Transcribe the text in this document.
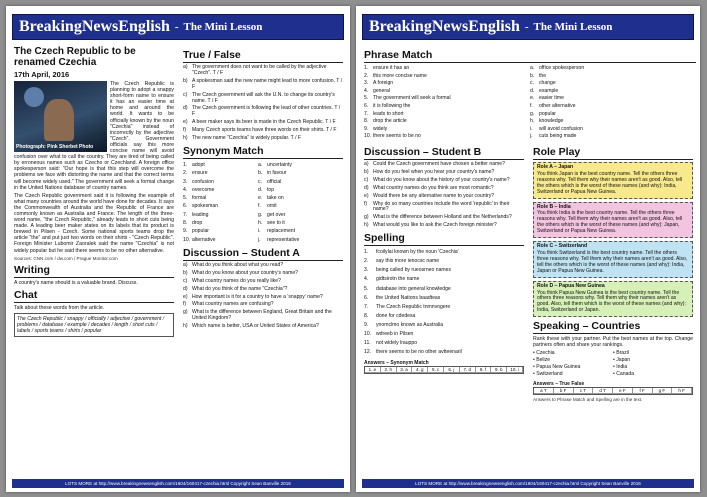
BreakingNewsEnglish - The Mini Lesson
The Czech Republic to be renamed Czechia
17th April, 2016
Photograph: Pink Sherbet Photo

The Czech Republic is planning to adopt a snappy short-form name to ensure it has an easier time at home and around the world. It wants to be officially known by the noun "Czechia" instead of incorrectly by the adjective "Czech". Government officials say this more concise name will avoid confusion over what to call the country. They are tired of being called by erroneous names such as Czecho or Czechland. A foreign office spokesperson said: "Our hope is that this step will overcome the problems we face with distorting the name and that the correct terms will become widely used." The government will seek a formal change in the United Nations database of country names.

The Czech Republic government said it is following the example of what many countries around the world have done for decades. It says the Commonwealth of Australia and the Republic of France are commonly known as Australia and France. The length of the three-word name, "the Czech Republic," already leads to short cuts being made. A leading beer maker states on its labels that its product is brewed in Pilsen - Czech. Some national sports teams drop the article "the" and put just two words on their shirts - "Czech Republic". Foreign Minister Lubomir Zaoralek said the name "Czechia" is not widely popular but he said there seems to be no other alternative.

Sources: CNN.com / dw.com / Prague Monitor.com
Writing

A country's name should is a valuable brand. Discuss.

Chat

Talk about these words from the article.

The Czech Republic / snappy / officially / adjective / government / problems / database / example / decades / length / short cuts / labels / sports teams / shirts / popular
True / False
a) The government does not want to be called by the adjective "Czech". T / F
b) A spokesman said the new name might lead to more confusion. T / F
c) The Czech government will ask the U.N. to change its country's name. T / F
d) The Czech government is following the lead of other countries. T / F
e) A beer maker says its beer is made in the Czech Republic. T / F
f)	Many Czech sports teams have three words on their shirts. T / F
h) The new name "Czechia" is widely popular. T / F
Synonym Match
1. adopt	a. uncertainty
2. ensure	b. in favour
3. confusion	c. official
4. overcome	d. top
5. formal	e. take on
6. spokesman	f.	omit
7. leading	g. get over
8. drop	h. see to it
9. popular	i.	replacement
10. alternative	j.	representative
Discussion – Student A
a) What do you think about what you read?
b) What do you know about your country's name?
c) What country names do you really like?
d) What do you think of the name "Czechia"?
e) How important is it for a country to have a 'snappy' name?
f)	What country names are confusing?
g) What is the difference between England, Great Britain and the United Kingdom?
h) Which name is better, USA or United States of America?
LOTS MORE at http://www.breakingnewsenglish.com/1604/160417-czechia.html Copyright Sean Banville 2016
BreakingNewsEnglish - The Mini Lesson
Phrase Match
1. ensure it has an	a. office spokesperson
2. this more concise name	b. the
3. A foreign	c. change
4. general	d. example
5. The government will seek a formal	e. easier time
6. it is following the	f.	other alternative
7. leads to short	g. popular
8. drop the article	h. knowledge
9. widely	i.	will avoid confusion
10. there seems to be no	j.	cuts being made
Discussion – Student B
a) Could the Czech government have chosen a better name?
b) How do you feel when you hear your country's name?
c) What do you know about the history of your country's name?
d) What country names do you think are most romantic?
e) Would there be any alternative name to your country?
f)	Why do so many countries include the word 'republic' in their name?
g) What is the difference between Holland and the Netherlands?
h) What would you like to ask the Czech foreign minister?
Spelling
1.	fcoilylai known by the noun 'Czechia'
2.	say this more ienocsc name
3.	being called by rueosrneo names
4.	gidtsirotn the name
5.	database into general knowledge
6.	the United Nations baadteas
7.	The Czech Republic tnmnvogere
8.	done for cdedesa
9.	ynomclmo known as Australia
10. wdreeb in Pilsen
11.	not widely lrauppo
12. there seems to be no other avtteenaril
Answers – Synonym Match
1. e	2. h	3. a	4. g	5. c	6. j	7. d	8. f	9. b	10. i
Role Play
Role A – Japan
You think Japan is the best country name. Tell the others three reasons why. Tell them why their names aren't as good. Also, tell the others which is the worst of these names (and why): India, Switzerland or Papua New Guinea.
Role B – India
You think India is the best country name. Tell the others three reasons why. Tell them why their names aren't as good. Also, tell the others which is the worst of these names (and why): Japan, Switzerland or Papua New Guinea.
Role C – Switzerland
You think Switzerland is the best country name. Tell the others three reasons why. Tell them why their names aren't as good. Also, tell the others which is the worst of these names (and why): India, Japan or Papua New Guinea.
Role D – Papua New Guinea
You think Papua New Guinea is the best country name. Tell the others three reasons why. Tell them why their names aren't as good. Also, tell them which is the worst of these names (and why): India, Switzerland or Japan.
Speaking – Countries

Rank these with your partner. Put the best names at the top. Change partners often and share your rankings.

• Czechia	• Brazil
• Belize	• Japan
• Papua New Guinea	• India
• Switzerland	• Canada
Answers – True False
a T	b F	c T	d T	e F	f F	g F	h F
Answers to Phrase Match and Spelling are in the text.
LOTS MORE at http://www.breakingnewsenglish.com/1604/160417-czechia.html Copyright Sean Banville 2016
